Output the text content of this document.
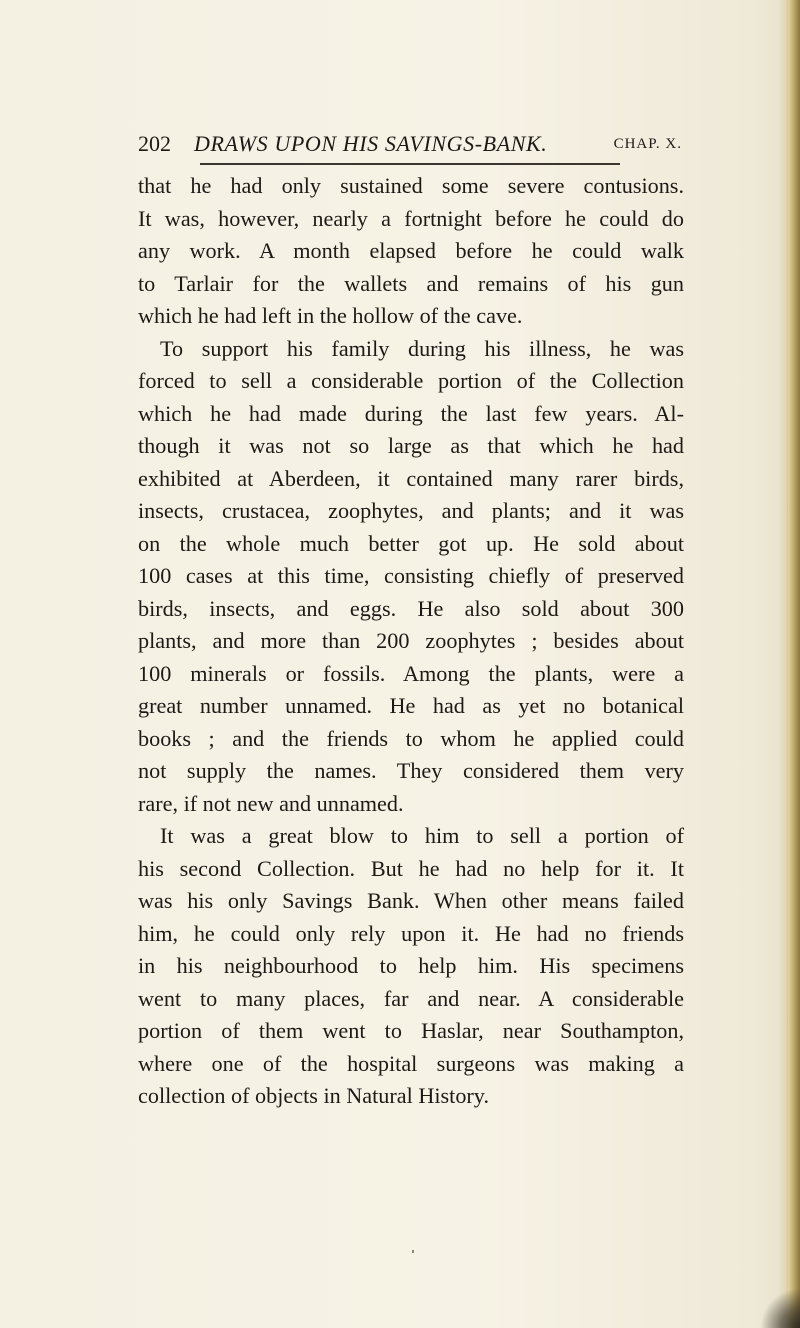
202 DRAWS UPON HIS SAVINGS-BANK.	CHAP. X.
that he had only sustained some severe contusions.
It was, however, nearly a fortnight before he could do
any work. A month elapsed before he could walk
to Tarlair for the wallets and remains of his gun
which he had left in the hollow of the cave.
To support his family during his illness, he was
forced to sell a considerable portion of the Collection
which he had made during the last few years. Al-
though it was not so large as that which he had
exhibited at Aberdeen, it contained many rarer birds,
insects, crustacea, zoophytes, and plants; and it was
on the whole much better got up. He sold about
100 cases at this time, consisting chiefly of preserved
birds, insects, and eggs. He also sold about 300
plants, and more than 200 zoophytes ; besides about
100 minerals or fossils. Among the plants, were a
great number unnamed. He had as yet no botanical
books ; and the friends to whom he applied could
not supply the names. They considered them very
rare, if not new and unnamed.
It was a great blow to him to sell a portion of
his second Collection. But he had no help for it. It
was his only Savings Bank. When other means failed
him, he could only rely upon it. He had no friends
in his neighbourhood to help him. His specimens
went to many places, far and near. A considerable
portion of them went to Haslar, near Southampton,
where one of the hospital surgeons was making a
collection of objects in Natural History.
